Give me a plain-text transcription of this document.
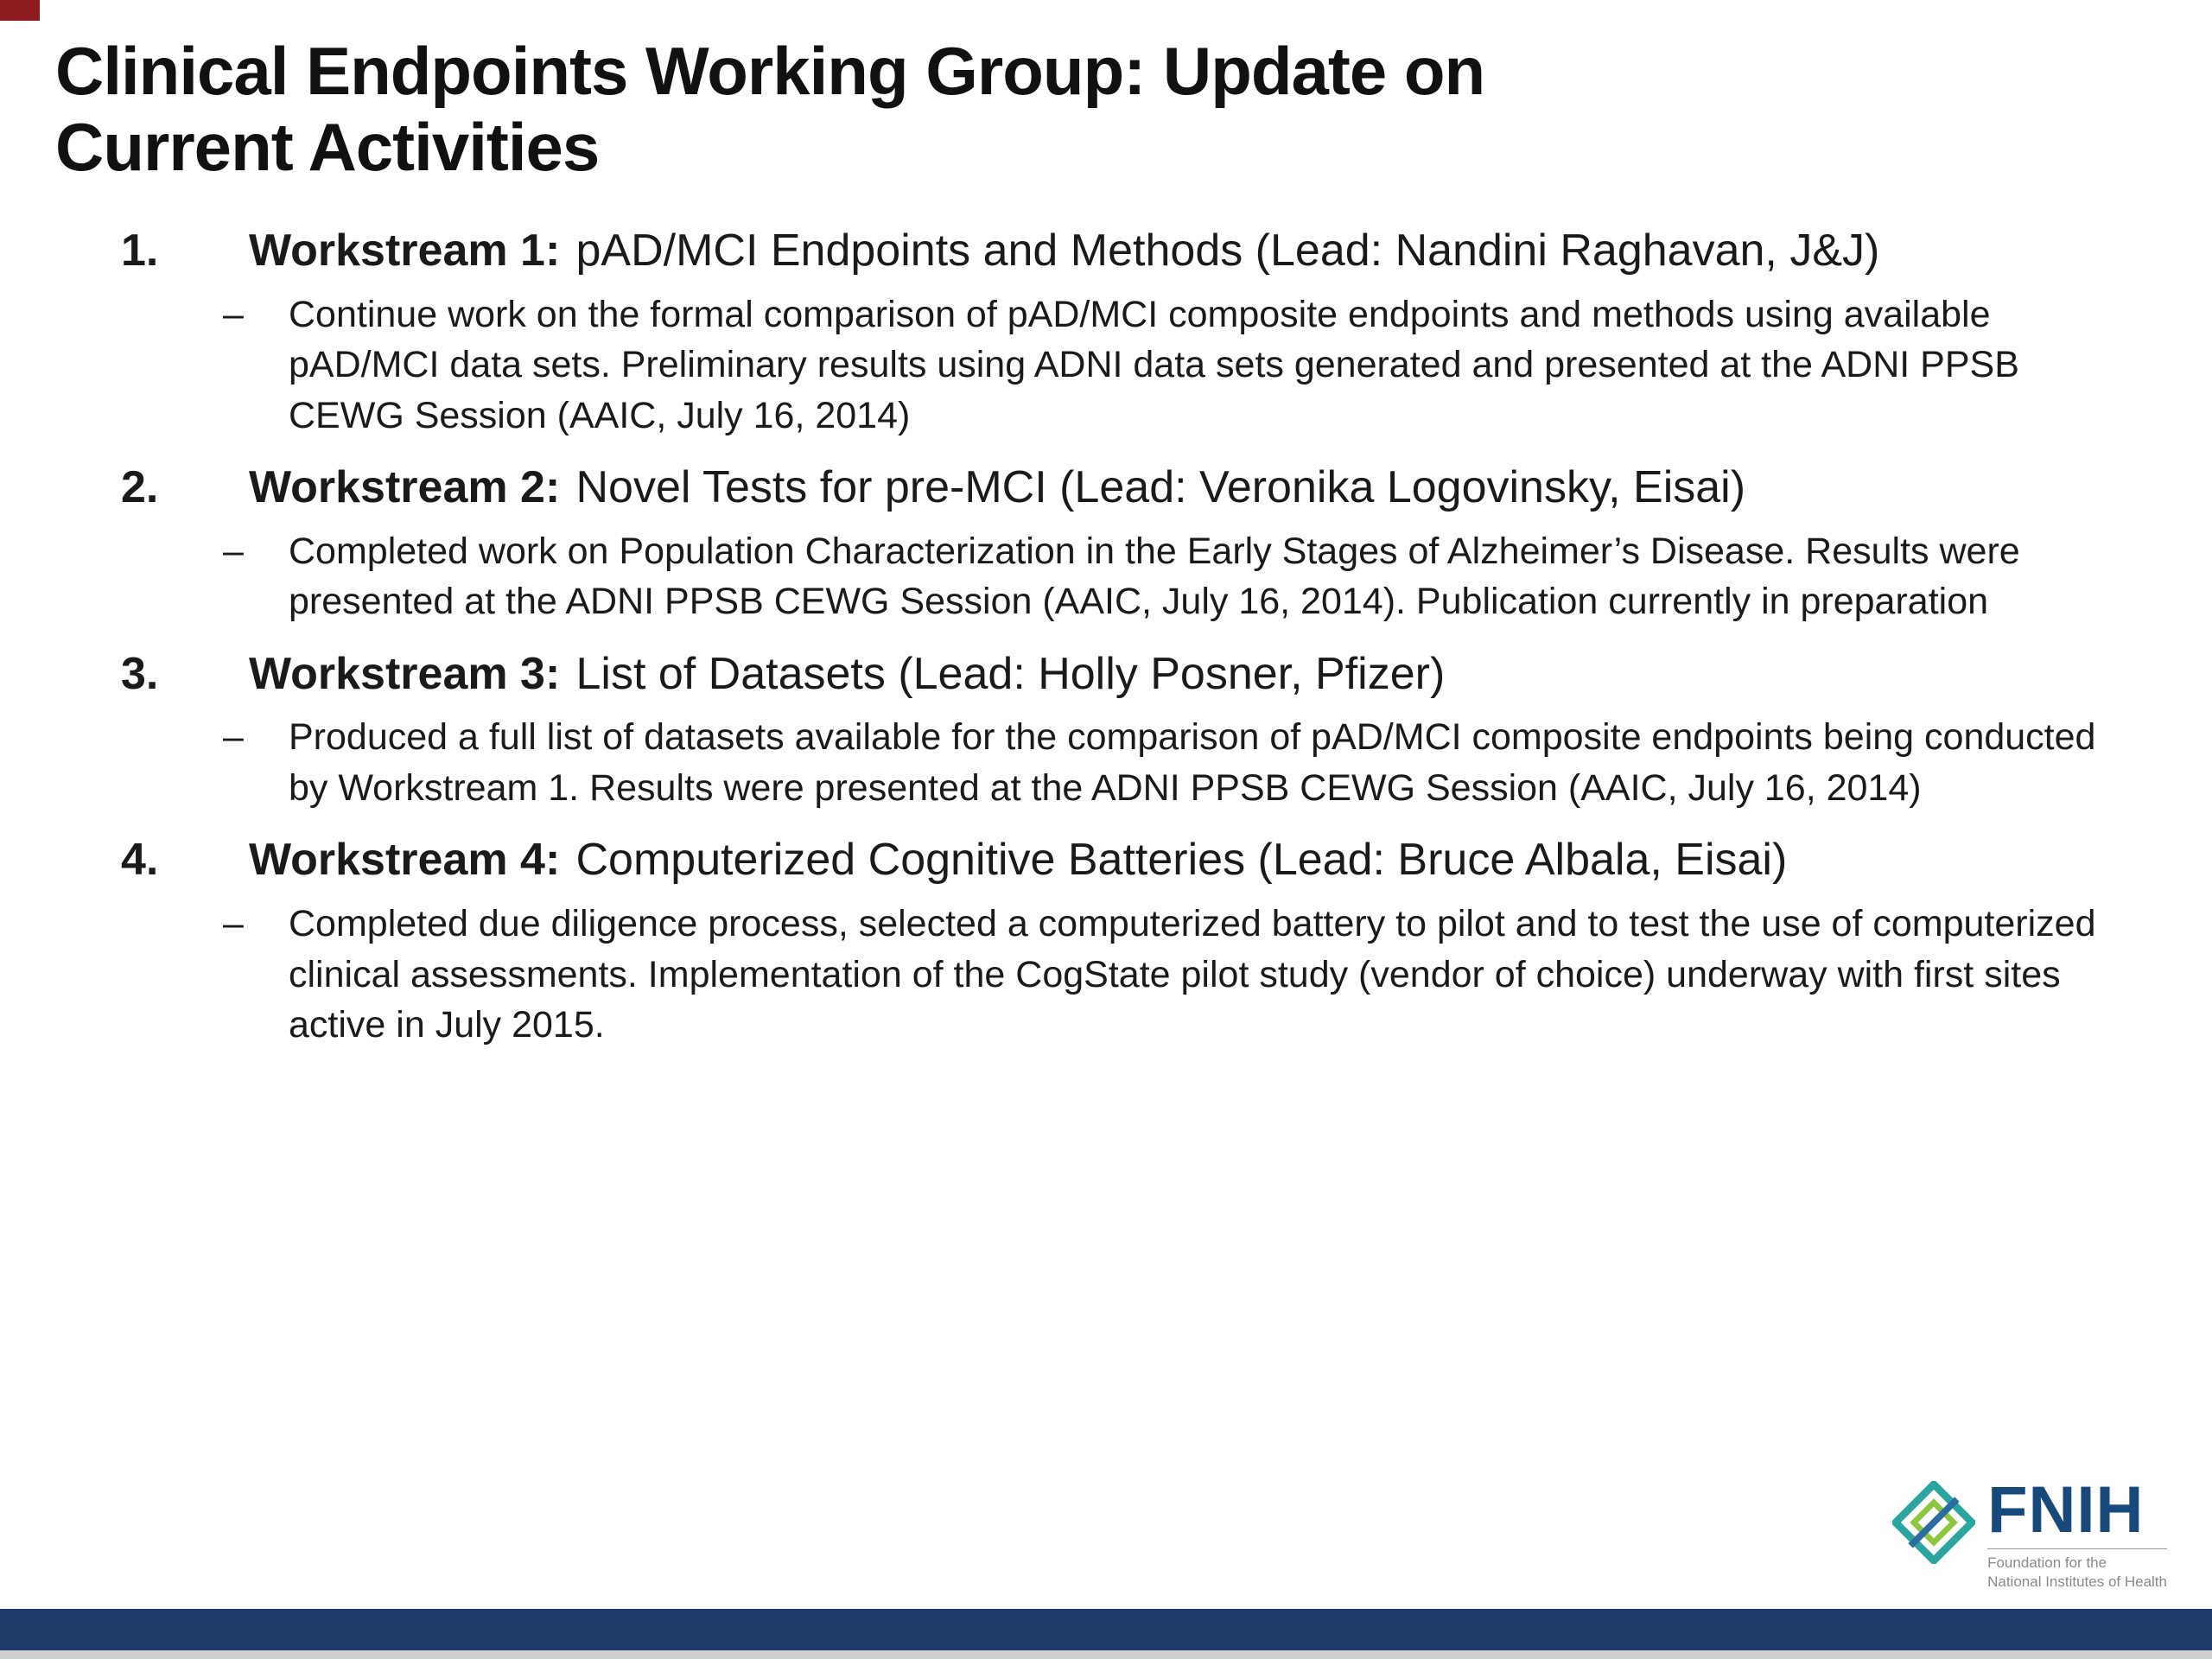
Clinical Endpoints Working Group: Update on Current Activities
1.	Workstream 1: pAD/MCI Endpoints and Methods (Lead: Nandini Raghavan, J&J)
–	Continue work on the formal comparison of pAD/MCI composite endpoints and methods using available pAD/MCI data sets. Preliminary results using ADNI data sets generated and presented at the ADNI PPSB CEWG Session (AAIC, July 16, 2014)
2.	Workstream 2: Novel Tests for pre-MCI (Lead: Veronika Logovinsky, Eisai)
–	Completed work on Population Characterization in the Early Stages of Alzheimer’s Disease. Results were presented at the ADNI PPSB CEWG Session (AAIC, July 16, 2014). Publication currently in preparation
3.	Workstream 3: List of Datasets (Lead: Holly Posner, Pfizer)
–	Produced a full list of datasets available for the comparison of pAD/MCI composite endpoints being conducted by Workstream 1. Results were presented at the ADNI PPSB CEWG Session (AAIC, July 16, 2014)
4.	Workstream 4: Computerized Cognitive Batteries (Lead: Bruce Albala, Eisai)
–	Completed due diligence process, selected a computerized battery to pilot and to test the use of computerized clinical assessments. Implementation of the CogState pilot study (vendor of choice) underway with first sites active in July 2015.
FNIH
Foundation for the
National Institutes of Health
